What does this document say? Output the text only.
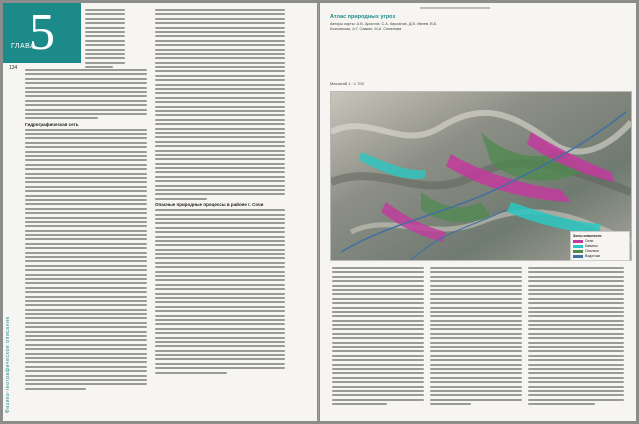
5
ГЛАВА
134
Физико-географическое описание
Гидрографическая сеть
Опасные природные процессы в районе г. Сочи
Атлас природных угроз
Авторы карты: А.В. Аристов, С.А. Кирсанов, Д.В. Ивлев, В.Б. Козловская, А.Г. Саакян, М.А. Семенова
Масштаб 1 : 1 700
Зоны опасности
Сели
Лавины
Оползни
Водотоки
